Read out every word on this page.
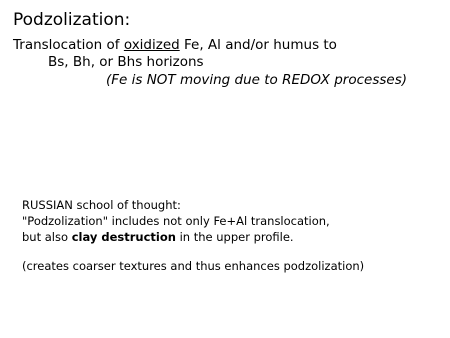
Podzolization:
Translocation of oxidized Fe, Al and/or humus to
Bs, Bh, or Bhs horizons
(Fe is NOT moving due to REDOX processes)
RUSSIAN school of thought:
"Podzolization" includes not only Fe+Al translocation,
but also clay destruction in the upper profile.
(creates coarser textures and thus enhances podzolization)
